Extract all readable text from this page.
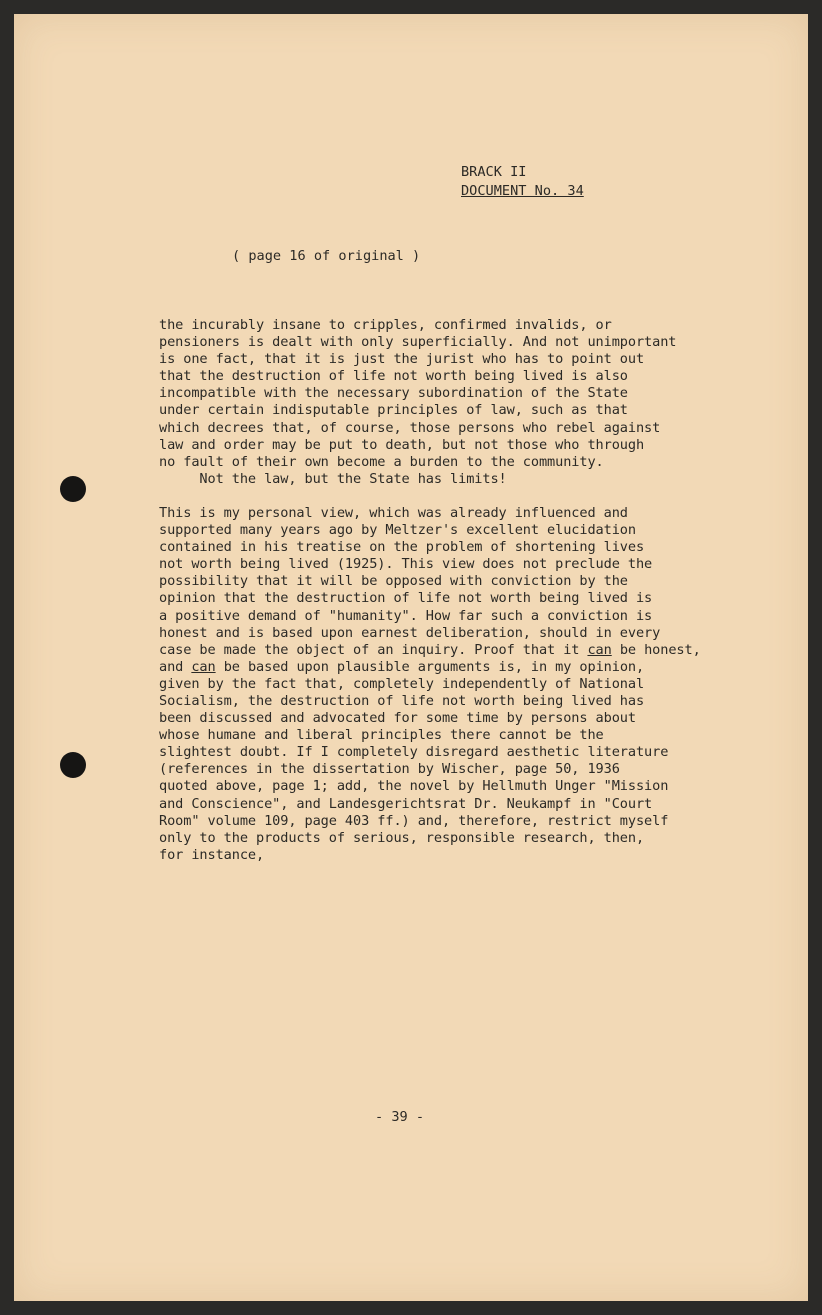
BRACK II
DOCUMENT No. 34
( page 16 of original )
the incurably insane to cripples, confirmed invalids, or
pensioners is dealt with only superficially. And not unimportant
is one fact, that it is just the jurist who has to point out
that the destruction of life not worth being lived is also
incompatible with the necessary subordination of the State
under certain indisputable principles of law, such as that
which decrees that, of course, those persons who rebel against
law and order may be put to death, but not those who through
no fault of their own become a burden to the community.
Not the law, but the State has limits!
This is my personal view, which was already influenced and
supported many years ago by Meltzer's excellent elucidation
contained in his treatise on the problem of shortening lives
not worth being lived (1925). This view does not preclude the
possibility that it will be opposed with conviction by the
opinion that the destruction of life not worth being lived is
a positive demand of "humanity". How far such a conviction is
honest and is based upon earnest deliberation, should in every
case be made the object of an inquiry. Proof that it can be honest,
and can be based upon plausible arguments is, in my opinion,
given by the fact that, completely independently of National
Socialism, the destruction of life not worth being lived has
been discussed and advocated for some time by persons about
whose humane and liberal principles there cannot be the
slightest doubt. If I completely disregard aesthetic literature
(references in the dissertation by Wischer, page 50, 1936
quoted above, page 1; add, the novel by Hellmuth Unger "Mission
and Conscience", and Landesgerichtsrat Dr. Neukampf in "Court
Room" volume 109, page 403 ff.) and, therefore, restrict myself
only to the products of serious, responsible research, then,
for instance,
- 39 -
